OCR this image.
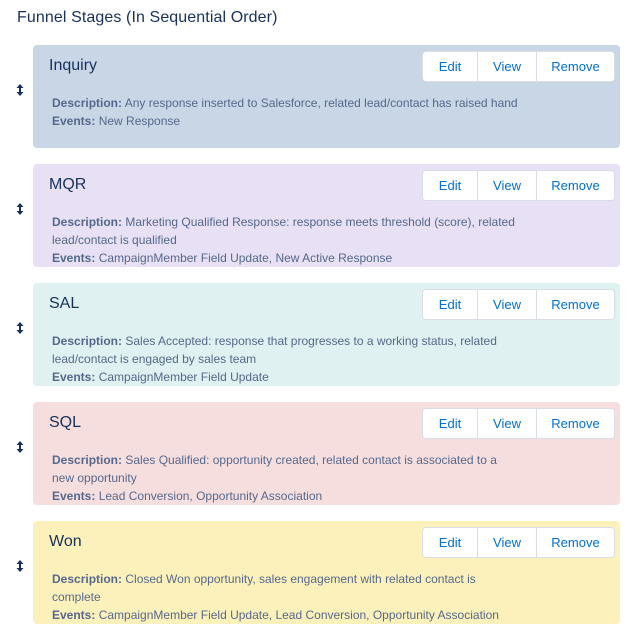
Funnel Stages (In Sequential Order)
Inquiry	Edit	View	Remove
Description: Any response inserted to Salesforce, related lead/contact has raised hand
Events: New Response
MQR	Edit	View	Remove
Description: Marketing Qualified Response: response meets threshold (score), related lead/contact is qualified
Events: CampaignMember Field Update, New Active Response
SAL	Edit	View	Remove
Description: Sales Accepted: response that progresses to a working status, related lead/contact is engaged by sales team
Events: CampaignMember Field Update
SQL	Edit	View	Remove
Description: Sales Qualified: opportunity created, related contact is associated to a new opportunity
Events: Lead Conversion, Opportunity Association
Won	Edit	View	Remove
Description: Closed Won opportunity, sales engagement with related contact is complete
Events: CampaignMember Field Update, Lead Conversion, Opportunity Association
